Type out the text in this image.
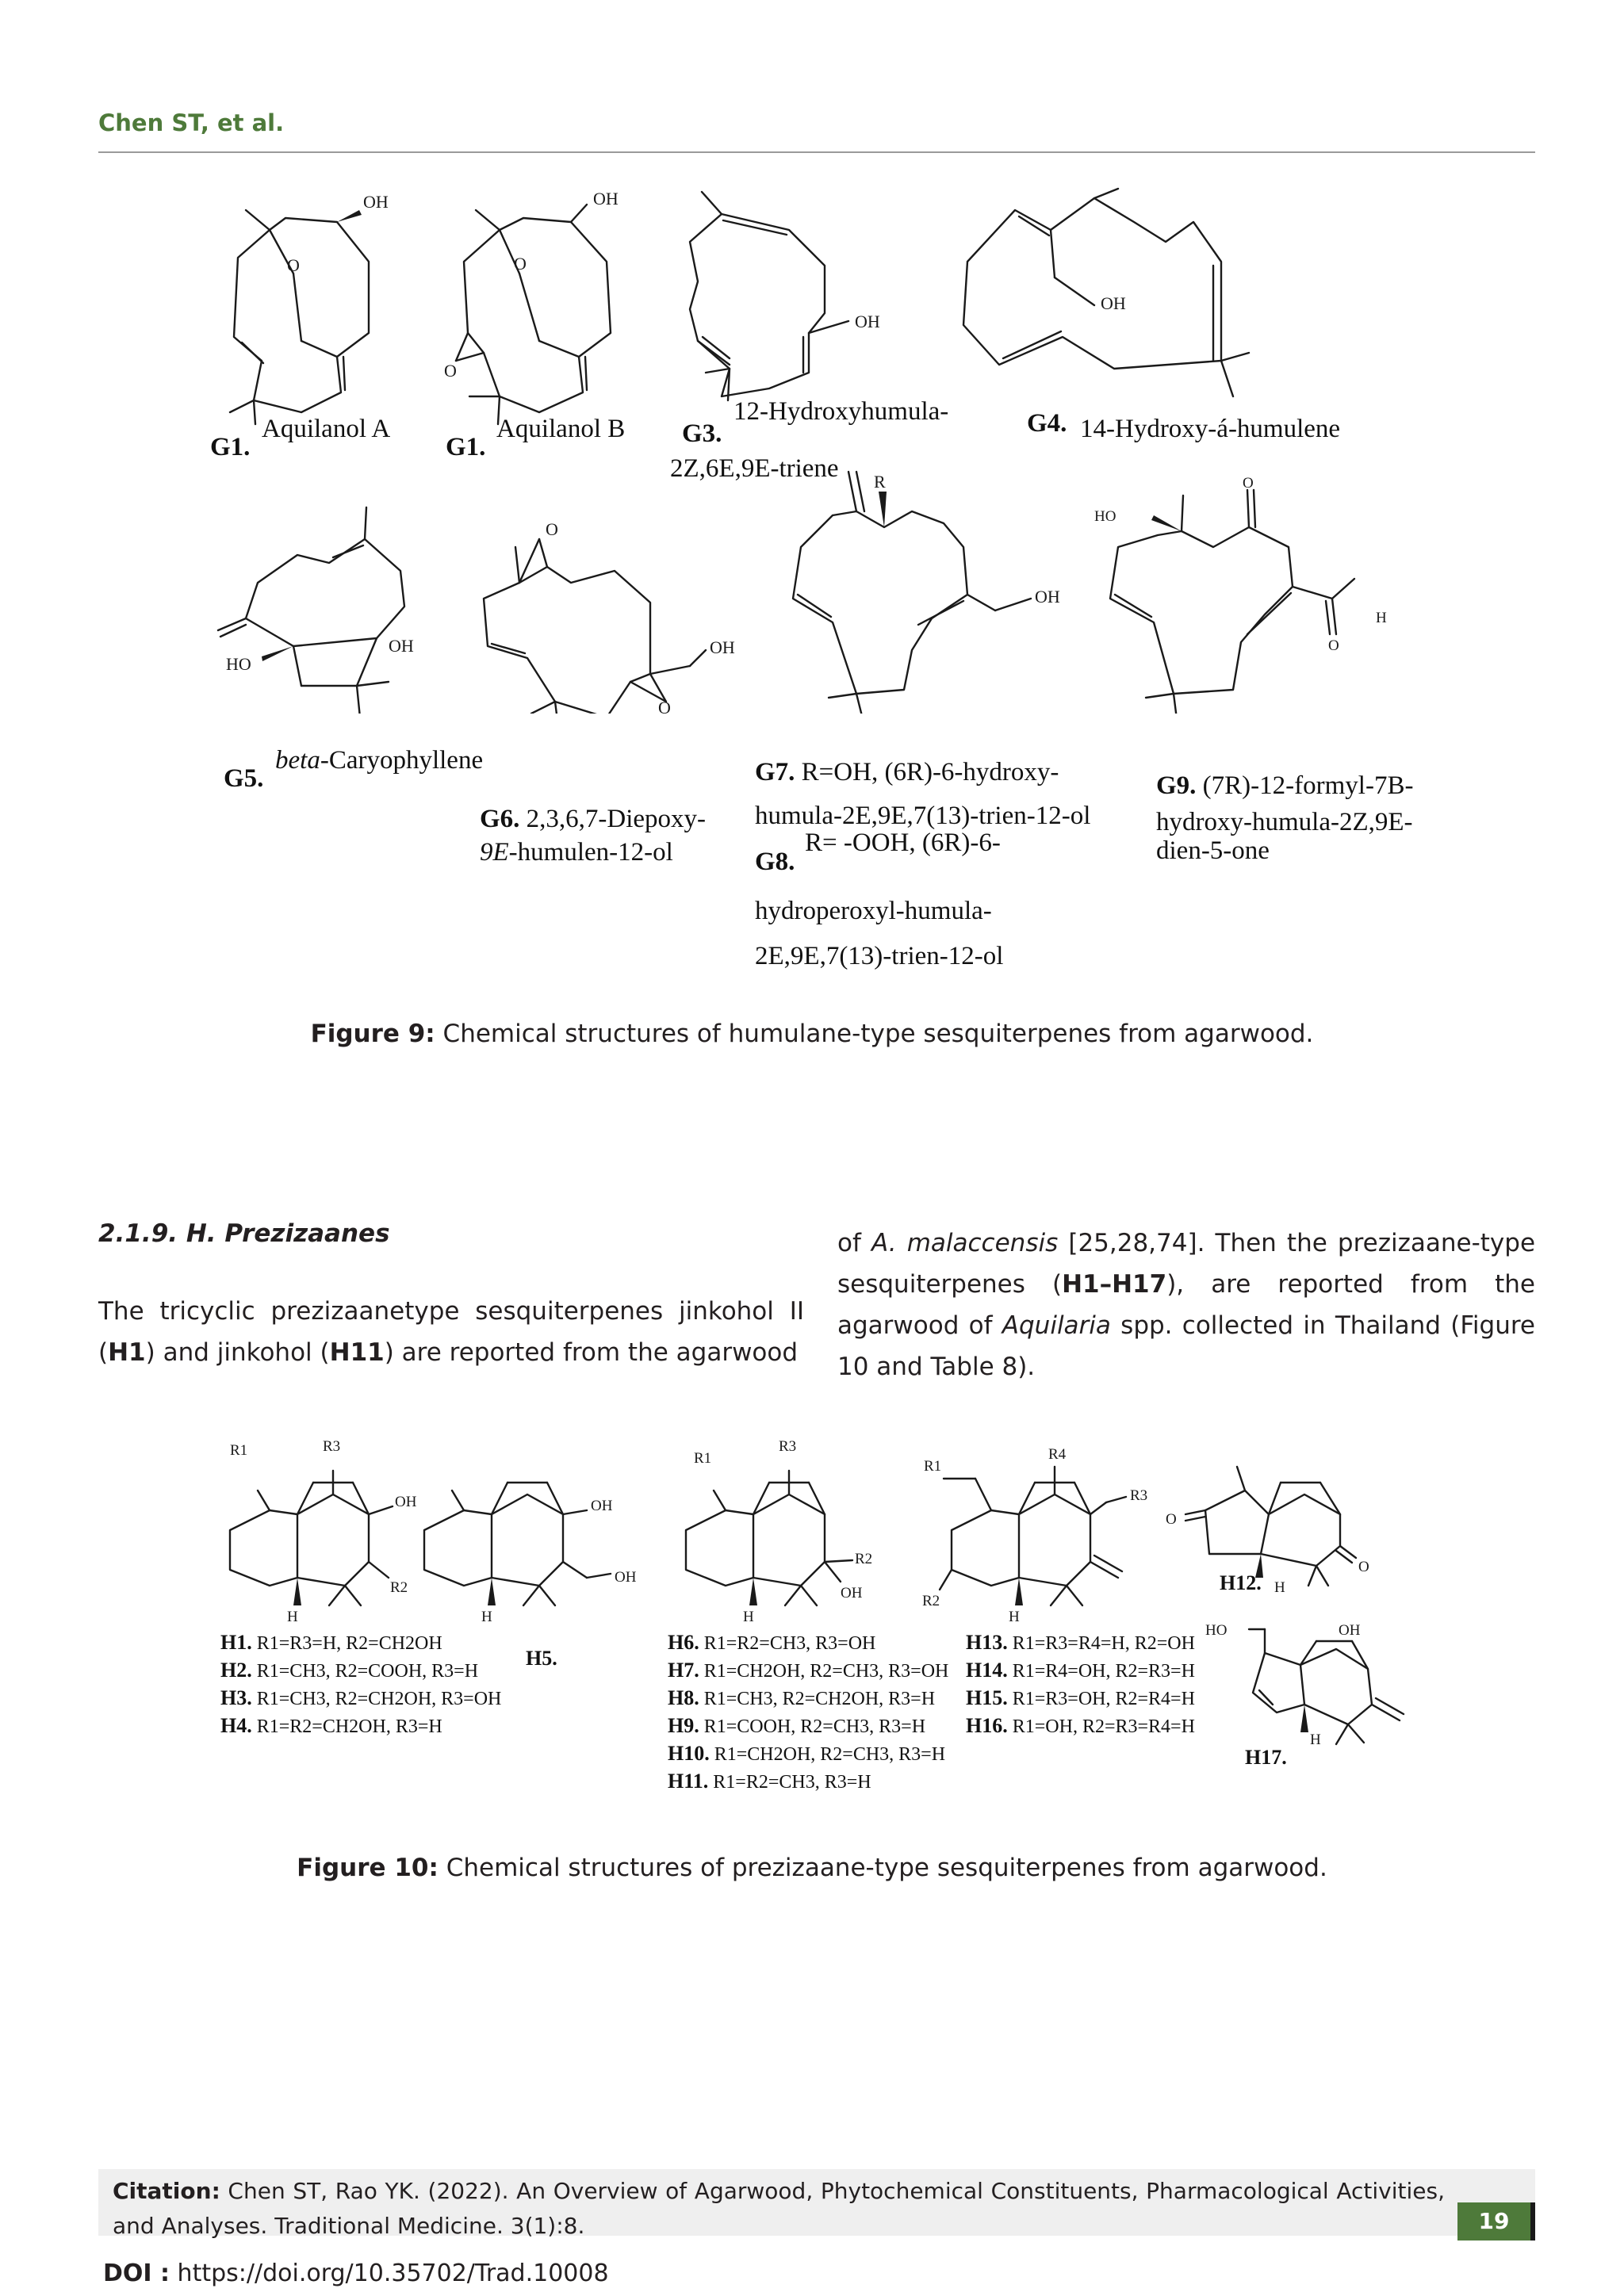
Chen ST, et al.
OH
O
OH
O
O
OH
OH
HO
OH
O
OH
O
R
OH
O
HO
H
O
G1.
Aquilanol A
G1.
Aquilanol B G3.
12-Hydroxyhumula-
2Z,6E,9E-triene
G4. 14-Hydroxy-á-humulene
G5.
beta-Caryophyllene
G6. 2,3,6,7-Diepoxy-
9E-humulen-12-ol
G7. R=OH, (6R)-6-hydroxy-
humula-2E,9E,7(13)-trien-12-ol
G8.
R= -OOH, (6R)-6-
hydroperoxyl-humula-
2E,9E,7(13)-trien-12-ol
G9. (7R)-12-formyl-7B-
hydroxy-humula-2Z,9E-
dien-5-one
Figure 9: Chemical structures of humulane-type sesquiterpenes from agarwood.
2.1.9. H. Prezizaanes
The tricyclic prezizaanetype sesquiterpenes jinkohol II (H1) and jinkohol (H11) are reported from the agarwood
of A. malaccensis [25,28,74]. Then the prezizaane-type sesquiterpenes (H1–H17), are reported from the agarwood of Aquilaria spp. collected in Thailand (Figure 10 and Table 8).
R1	R3
OH
R2
H
OH
OH
H
R1
R3
R2
OH
H
R1
R4
R3
R2
H
O
O
H
HO	OH
H
H1. R1=R3=H, R2=CH2OH
H2. R1=CH3, R2=COOH, R3=H
H3. R1=CH3, R2=CH2OH, R3=OH
H4. R1=R2=CH2OH, R3=H
H5.
H6. R1=R2=CH3, R3=OH
H7. R1=CH2OH, R2=CH3, R3=OH
H8. R1=CH3, R2=CH2OH, R3=H
H9. R1=COOH, R2=CH3, R3=H
H10. R1=CH2OH, R2=CH3, R3=H
H11. R1=R2=CH3, R3=H
H13. R1=R3=R4=H, R2=OH
H14. R1=R4=OH, R2=R3=H
H15. R1=R3=OH, R2=R4=H
H16. R1=OH, R2=R3=R4=H
H12.
H17.
Figure 10: Chemical structures of prezizaane-type sesquiterpenes from agarwood.
Citation: Chen ST, Rao YK. (2022). An Overview of Agarwood, Phytochemical Constituents, Pharmacological Activities, and Analyses. Traditional Medicine. 3(1):8.	19
DOI : https://doi.org/10.35702/Trad.10008
